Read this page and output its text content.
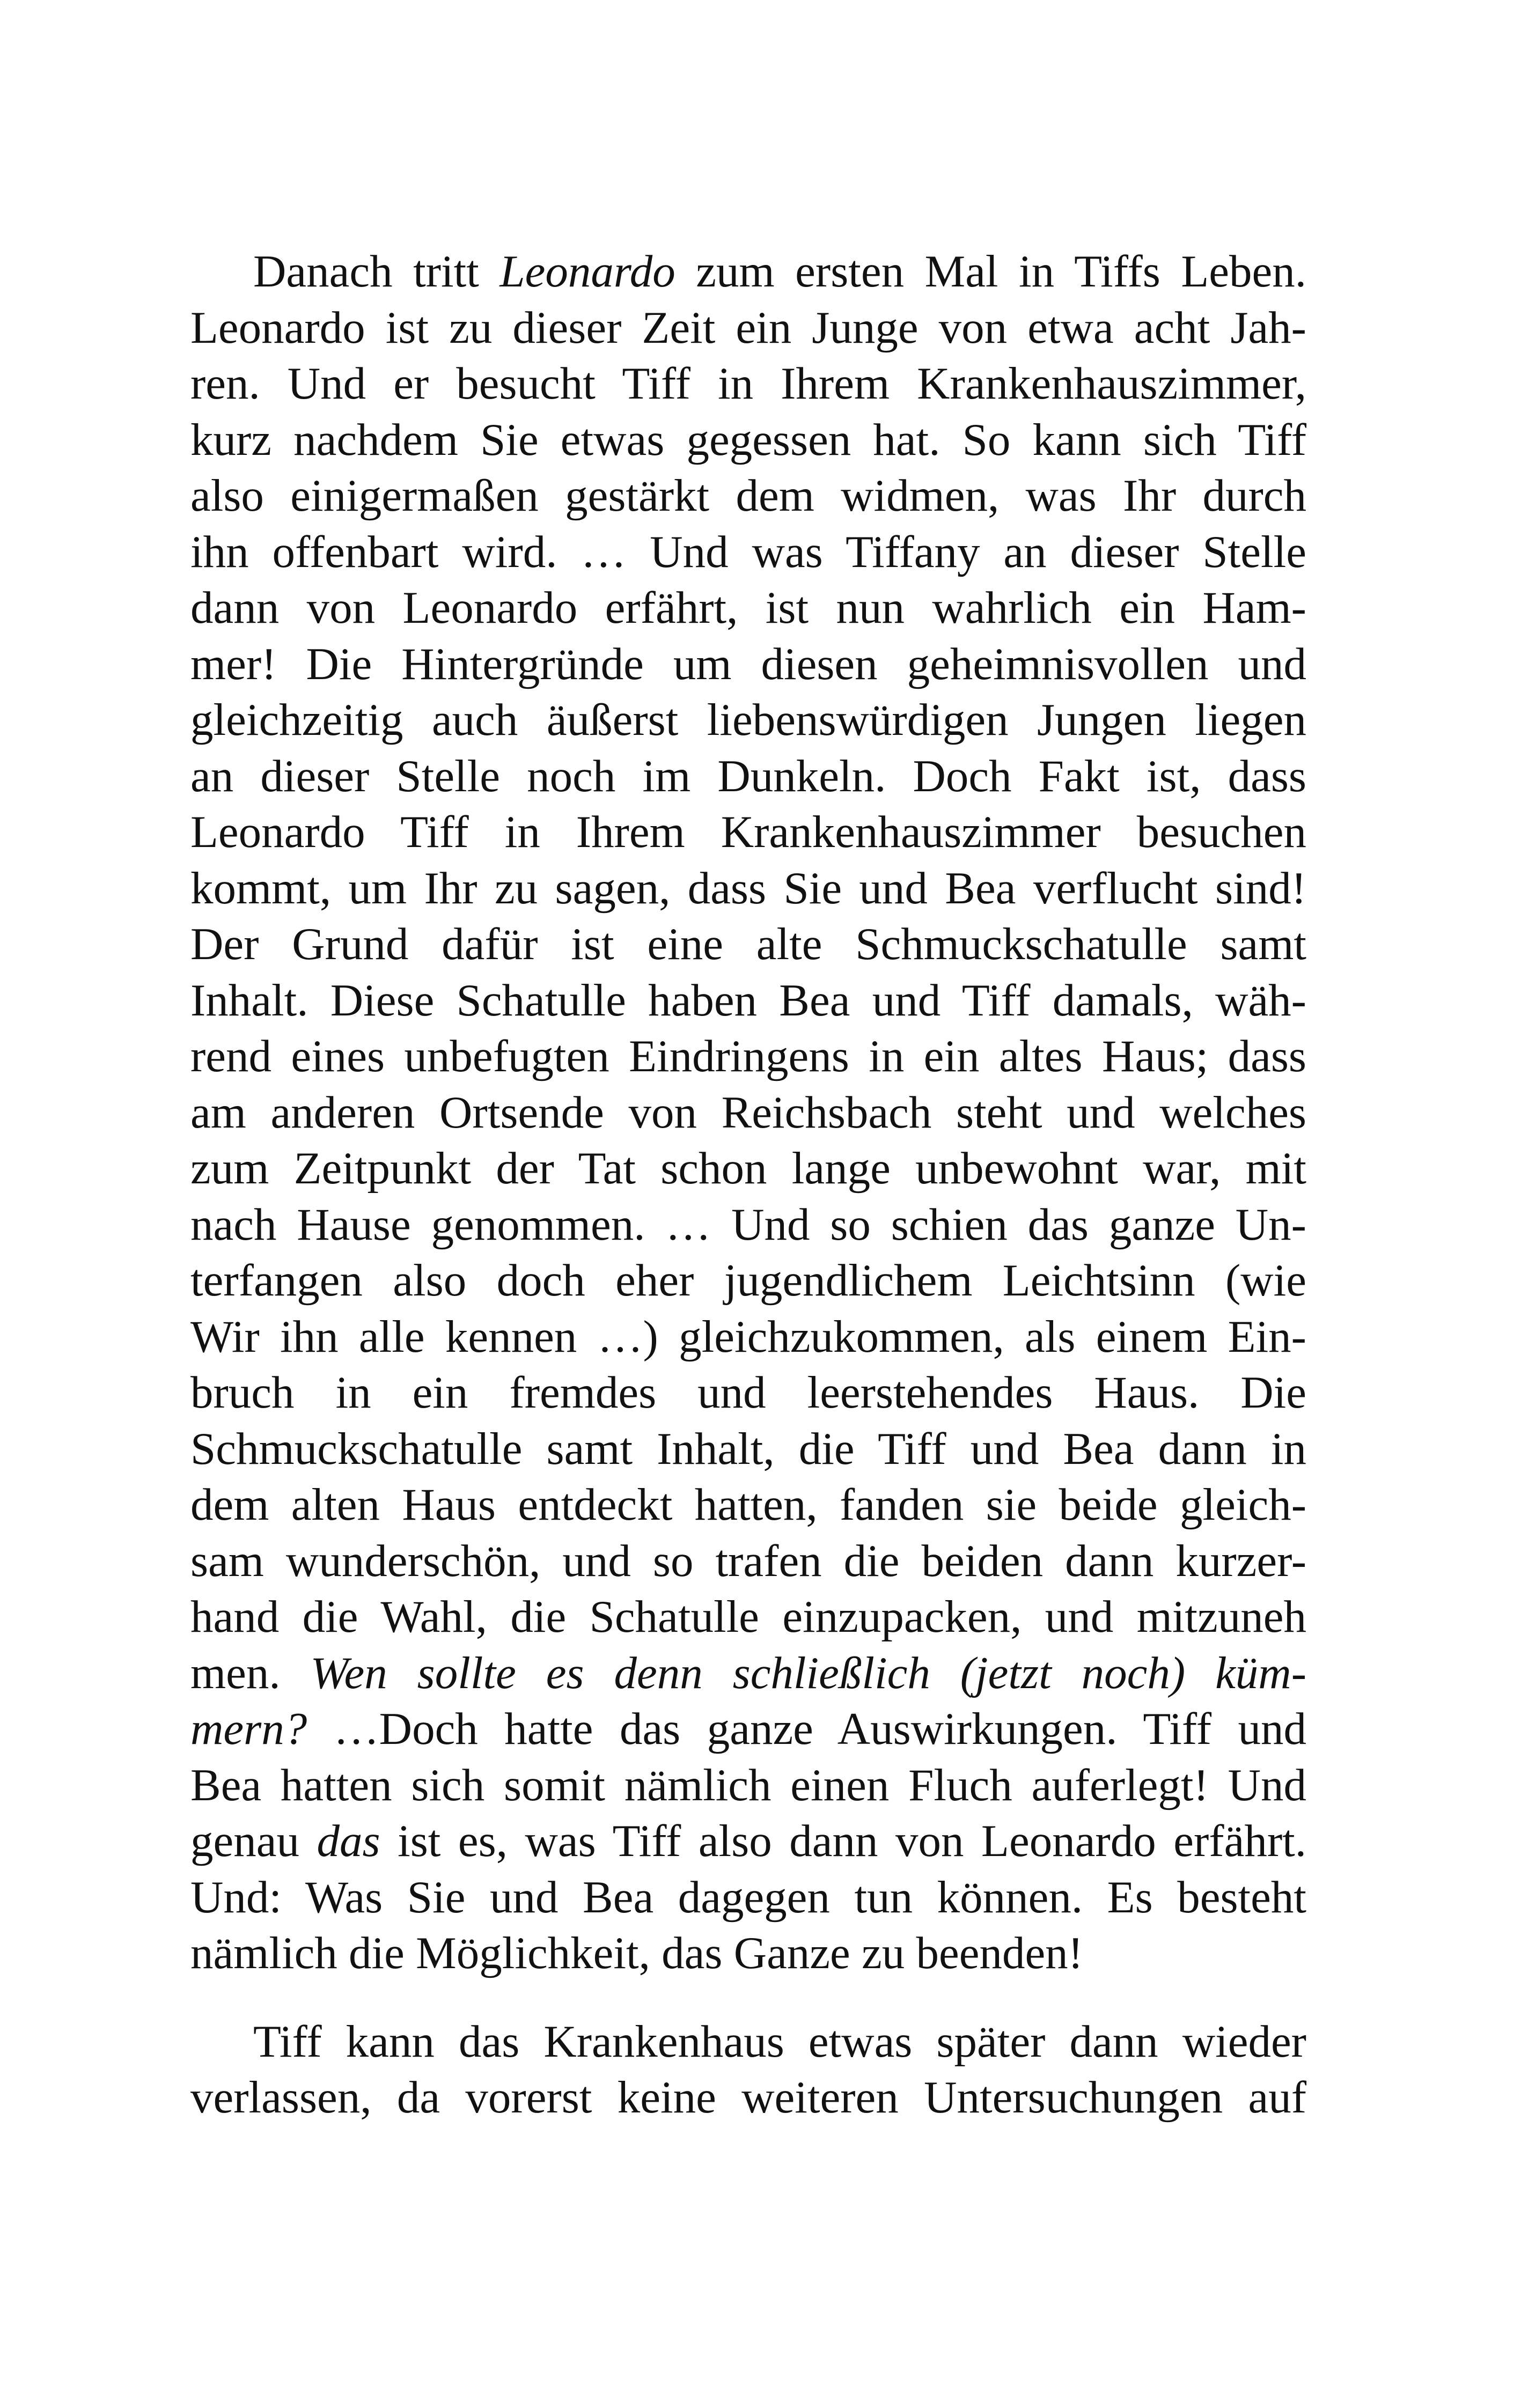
Danach tritt Leonardo zum ersten Mal in Tiffs Leben.
Leonardo ist zu dieser Zeit ein Junge von etwa acht Jah-
ren. Und er besucht Tiff in Ihrem Krankenhauszimmer,
kurz nachdem Sie etwas gegessen hat. So kann sich Tiff
also einigermaßen gestärkt dem widmen, was Ihr durch
ihn offenbart wird. … Und was Tiffany an dieser Stelle
dann von Leonardo erfährt, ist nun wahrlich ein Ham-
mer! Die Hintergründe um diesen geheimnisvollen und
gleichzeitig auch äußerst liebenswürdigen Jungen liegen
an dieser Stelle noch im Dunkeln. Doch Fakt ist, dass
Leonardo Tiff in Ihrem Krankenhauszimmer besuchen
kommt, um Ihr zu sagen, dass Sie und Bea verflucht sind!
Der Grund dafür ist eine alte Schmuckschatulle samt
Inhalt. Diese Schatulle haben Bea und Tiff damals, wäh-
rend eines unbefugten Eindringens in ein altes Haus; dass
am anderen Ortsende von Reichsbach steht und welches
zum Zeitpunkt der Tat schon lange unbewohnt war, mit
nach Hause genommen. … Und so schien das ganze Un-
terfangen also doch eher jugendlichem Leichtsinn (wie
Wir ihn alle kennen …) gleichzukommen, als einem Ein-
bruch in ein fremdes und leerstehendes Haus. Die
Schmuckschatulle samt Inhalt, die Tiff und Bea dann in
dem alten Haus entdeckt hatten, fanden sie beide gleich-
sam wunderschön, und so trafen die beiden dann kurzer-
hand die Wahl, die Schatulle einzupacken, und mitzuneh
men. Wen sollte es denn schließlich (jetzt noch) küm-
mern? …Doch hatte das ganze Auswirkungen. Tiff und
Bea hatten sich somit nämlich einen Fluch auferlegt! Und
genau das ist es, was Tiff also dann von Leonardo erfährt.
Und: Was Sie und Bea dagegen tun können. Es besteht
nämlich die Möglichkeit, das Ganze zu beenden!
Tiff kann das Krankenhaus etwas später dann wieder
verlassen, da vorerst keine weiteren Untersuchungen auf
